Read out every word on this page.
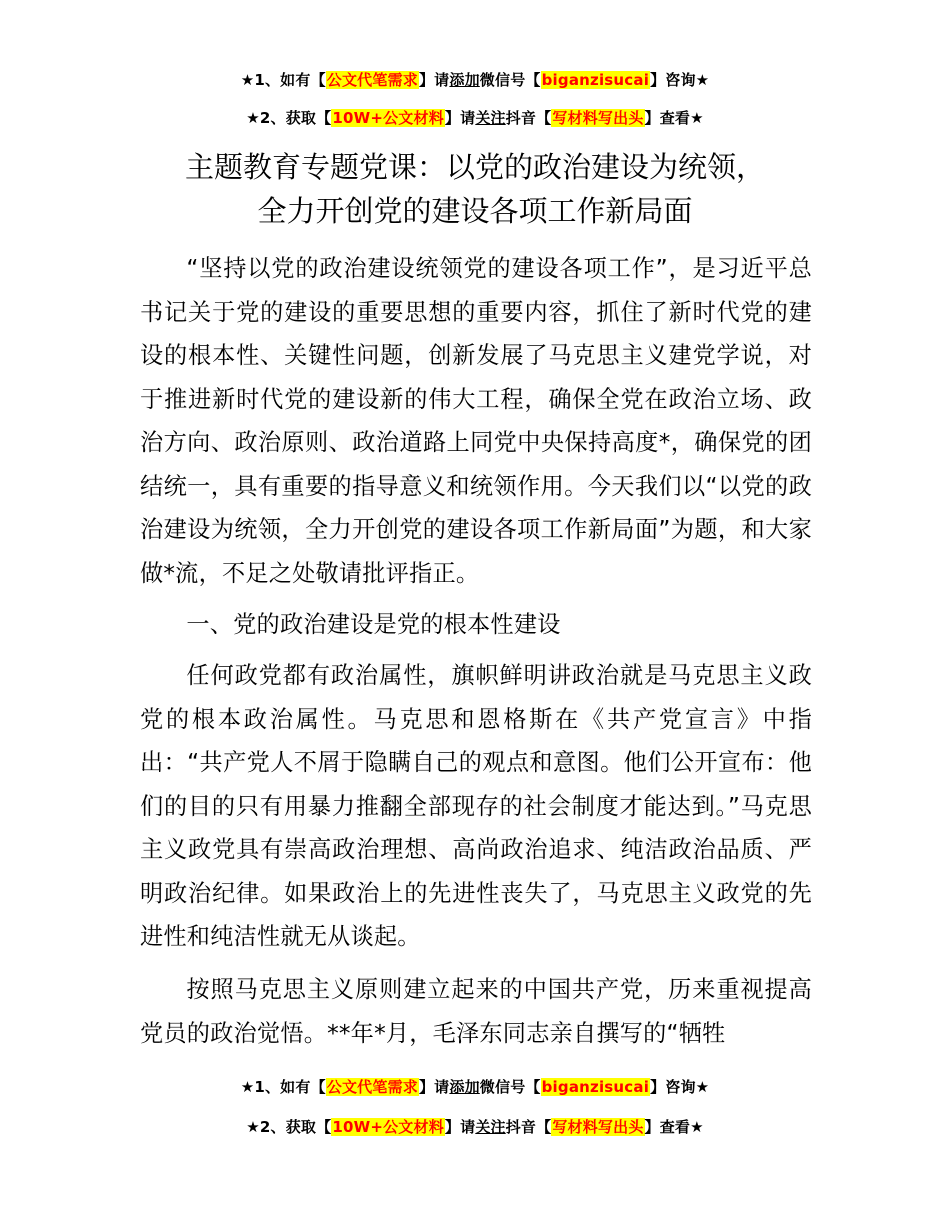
★1、如有【公文代笔需求】请添加微信号【biganzisucai】咨询★
★2、获取【10W+公文材料】请关注抖音【写材料写出头】查看★
主题教育专题党课：以党的政治建设为统领，
全力开创党的建设各项工作新局面

“坚持以党的政治建设统领党的建设各项工作”，是习近平总书记关于党的建设的重要思想的重要内容，抓住了新时代党的建设的根本性、关键性问题，创新发展了马克思主义建党学说，对于推进新时代党的建设新的伟大工程，确保全党在政治立场、政治方向、政治原则、政治道路上同党中央保持高度*，确保党的团结统一，具有重要的指导意义和统领作用。今天我们以“以党的政治建设为统领，全力开创党的建设各项工作新局面”为题，和大家做*流，不足之处敬请批评指正。

一、党的政治建设是党的根本性建设

任何政党都有政治属性，旗帜鲜明讲政治就是马克思主义政党的根本政治属性。马克思和恩格斯在《共产党宣言》中指出：“共产党人不屑于隐瞒自己的观点和意图。他们公开宣布：他们的目的只有用暴力推翻全部现存的社会制度才能达到。”马克思主义政党具有崇高政治理想、高尚政治追求、纯洁政治品质、严明政治纪律。如果政治上的先进性丧失了，马克思主义政党的先进性和纯洁性就无从谈起。

按照马克思主义原则建立起来的中国共产党，历来重视提高党员的政治觉悟。**年*月，毛泽东同志亲自撰写的“牺牲

★1、如有【公文代笔需求】请添加微信号【biganzisucai】咨询★
★2、获取【10W+公文材料】请关注抖音【写材料写出头】查看★
